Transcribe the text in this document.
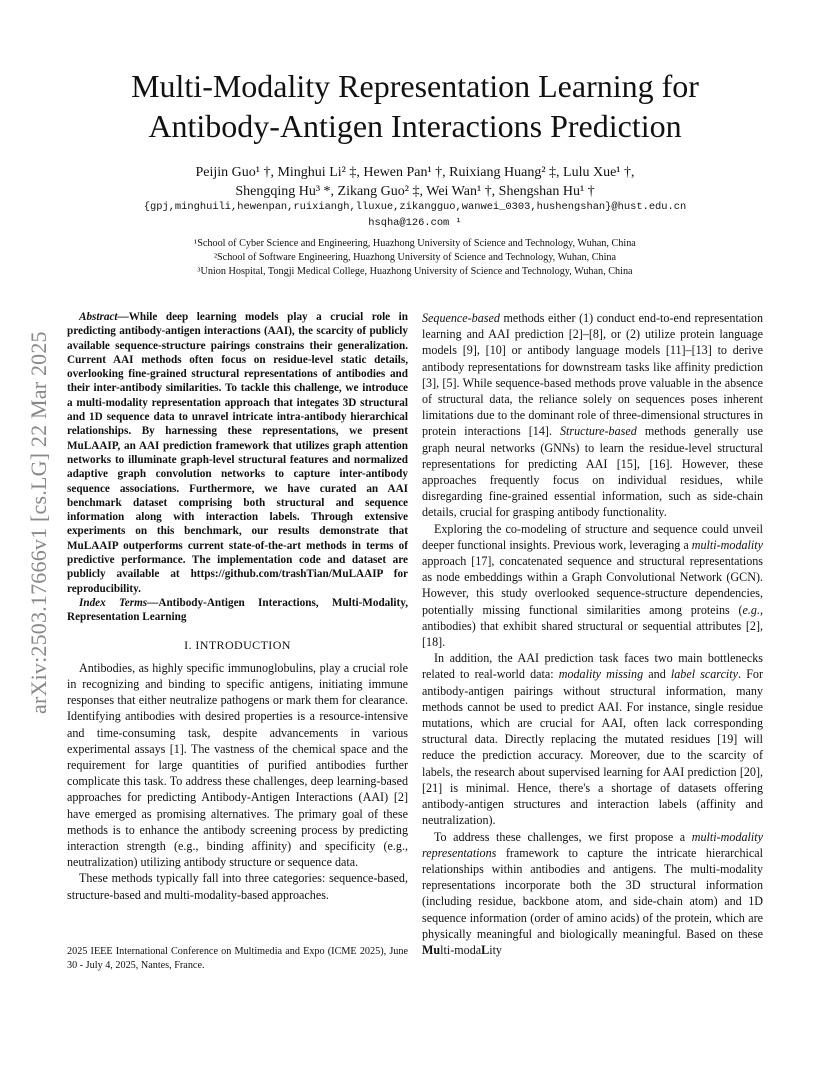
arXiv:2503.17666v1 [cs.LG] 22 Mar 2025
Multi-Modality Representation Learning for
Antibody-Antigen Interactions Prediction
Peijin Guo¹ †, Minghui Li² ‡, Hewen Pan¹ †, Ruixiang Huang² ‡, Lulu Xue¹ †,
Shengqing Hu³ *, Zikang Guo² ‡, Wei Wan¹ †, Shengshan Hu¹ †
{gpj,minghuili,hewenpan,ruixiangh,lluxue,zikangguo,wanwei_0303,hushengshan}@hust.edu.cn
hsqha@126.com ¹
¹School of Cyber Science and Engineering, Huazhong University of Science and Technology, Wuhan, China
²School of Software Engineering, Huazhong University of Science and Technology, Wuhan, China
³Union Hospital, Tongji Medical College, Huazhong University of Science and Technology, Wuhan, China

Abstract—While deep learning models play a crucial role in predicting antibody-antigen interactions (AAI), the scarcity of publicly available sequence-structure pairings constrains their generalization. Current AAI methods often focus on residue-level static details, overlooking fine-grained structural representations of antibodies and their inter-antibody similarities. To tackle this challenge, we introduce a multi-modality representation approach that integates 3D structural and 1D sequence data to unravel intricate intra-antibody hierarchical relationships. By harnessing these representations, we present MuLAAIP, an AAI prediction framework that utilizes graph attention networks to illuminate graph-level structural features and normalized adaptive graph convolution networks to capture inter-antibody sequence associations. Furthermore, we have curated an AAI benchmark dataset comprising both structural and sequence information along with interaction labels. Through extensive experiments on this benchmark, our results demonstrate that MuLAAIP outperforms current state-of-the-art methods in terms of predictive performance. The implementation code and dataset are publicly available at https://github.com/trashTian/MuLAAIP for reproducibility.

Index Terms—Antibody-Antigen Interactions, Multi-Modality, Representation Learning

I. INTRODUCTION

Antibodies, as highly specific immunoglobulins, play a crucial role in recognizing and binding to specific antigens, initiating immune responses that either neutralize pathogens or mark them for clearance. Identifying antibodies with desired properties is a resource-intensive and time-consuming task, despite advancements in various experimental assays [1]. The vastness of the chemical space and the requirement for large quantities of purified antibodies further complicate this task. To address these challenges, deep learning-based approaches for predicting Antibody-Antigen Interactions (AAI) [2] have emerged as promising alternatives. The primary goal of these methods is to enhance the antibody screening process by predicting interaction strength (e.g., binding affinity) and specificity (e.g., neutralization) utilizing antibody structure or sequence data.

These methods typically fall into three categories: sequence-based, structure-based and multi-modality-based approaches.

2025 IEEE International Conference on Multimedia and Expo (ICME 2025), June 30 - July 4, 2025, Nantes, France.

Sequence-based methods either (1) conduct end-to-end representation learning and AAI prediction [2]–[8], or (2) utilize protein language models [9], [10] or antibody language models [11]–[13] to derive antibody representations for downstream tasks like affinity prediction [3], [5]. While sequence-based methods prove valuable in the absence of structural data, the reliance solely on sequences poses inherent limitations due to the dominant role of three-dimensional structures in protein interactions [14]. Structure-based methods generally use graph neural networks (GNNs) to learn the residue-level structural representations for predicting AAI [15], [16]. However, these approaches frequently focus on individual residues, while disregarding fine-grained essential information, such as side-chain details, crucial for grasping antibody functionality.

Exploring the co-modeling of structure and sequence could unveil deeper functional insights. Previous work, leveraging a multi-modality approach [17], concatenated sequence and structural representations as node embeddings within a Graph Convolutional Network (GCN). However, this study overlooked sequence-structure dependencies, potentially missing functional similarities among proteins (e.g., antibodies) that exhibit shared structural or sequential attributes [2], [18].

In addition, the AAI prediction task faces two main bottlenecks related to real-world data: modality missing and label scarcity. For antibody-antigen pairings without structural information, many methods cannot be used to predict AAI. For instance, single residue mutations, which are crucial for AAI, often lack corresponding structural data. Directly replacing the mutated residues [19] will reduce the prediction accuracy. Moreover, due to the scarcity of labels, the research about supervised learning for AAI prediction [20], [21] is minimal. Hence, there's a shortage of datasets offering antibody-antigen structures and interaction labels (affinity and neutralization).

To address these challenges, we first propose a multi-modality representations framework to capture the intricate hierarchical relationships within antibodies and antigens. The multi-modality representations incorporate both the 3D structural information (including residue, backbone atom, and side-chain atom) and 1D sequence information (order of amino acids) of the protein, which are physically meaningful and biologically meaningful. Based on these Multi-modaLity
